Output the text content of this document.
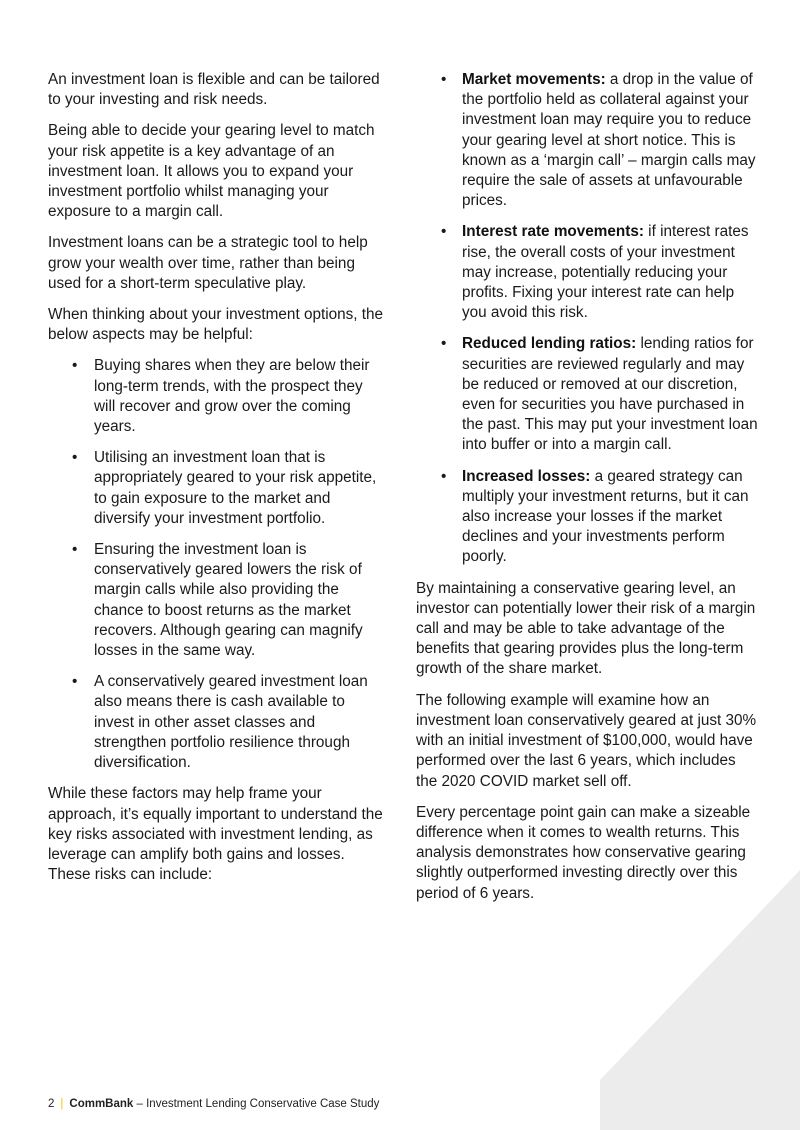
An investment loan is flexible and can be tailored to your investing and risk needs.

Being able to decide your gearing level to match your risk appetite is a key advantage of an investment loan. It allows you to expand your investment portfolio whilst managing your exposure to a margin call.

Investment loans can be a strategic tool to help grow your wealth over time, rather than being used for a short-term speculative play.

When thinking about your investment options, the below aspects may be helpful:

• Buying shares when they are below their long-term trends, with the prospect they will recover and grow over the coming years.
• Utilising an investment loan that is appropriately geared to your risk appetite, to gain exposure to the market and diversify your investment portfolio.
• Ensuring the investment loan is conservatively geared lowers the risk of margin calls while also providing the chance to boost returns as the market recovers. Although gearing can magnify losses in the same way.
• A conservatively geared investment loan also means there is cash available to invest in other asset classes and strengthen portfolio resilience through diversification.

While these factors may help frame your approach, it’s equally important to understand the key risks associated with investment lending, as leverage can amplify both gains and losses. These risks can include:

• Market movements: a drop in the value of the portfolio held as collateral against your investment loan may require you to reduce your gearing level at short notice. This is known as a ‘margin call’ – margin calls may require the sale of assets at unfavourable prices.
• Interest rate movements: if interest rates rise, the overall costs of your investment may increase, potentially reducing your profits. Fixing your interest rate can help you avoid this risk.
• Reduced lending ratios: lending ratios for securities are reviewed regularly and may be reduced or removed at our discretion, even for securities you have purchased in the past. This may put your investment loan into buffer or into a margin call.
• Increased losses: a geared strategy can multiply your investment returns, but it can also increase your losses if the market declines and your investments perform poorly.

By maintaining a conservative gearing level, an investor can potentially lower their risk of a margin call and may be able to take advantage of the benefits that gearing provides plus the long-term growth of the share market.

The following example will examine how an investment loan conservatively geared at just 30% with an initial investment of $100,000, would have performed over the last 6 years, which includes the 2020 COVID market sell off.

Every percentage point gain can make a sizeable difference when it comes to wealth returns. This analysis demonstrates how conservative gearing slightly outperformed investing directly over this period of 6 years.

2 | CommBank – Investment Lending Conservative Case Study
